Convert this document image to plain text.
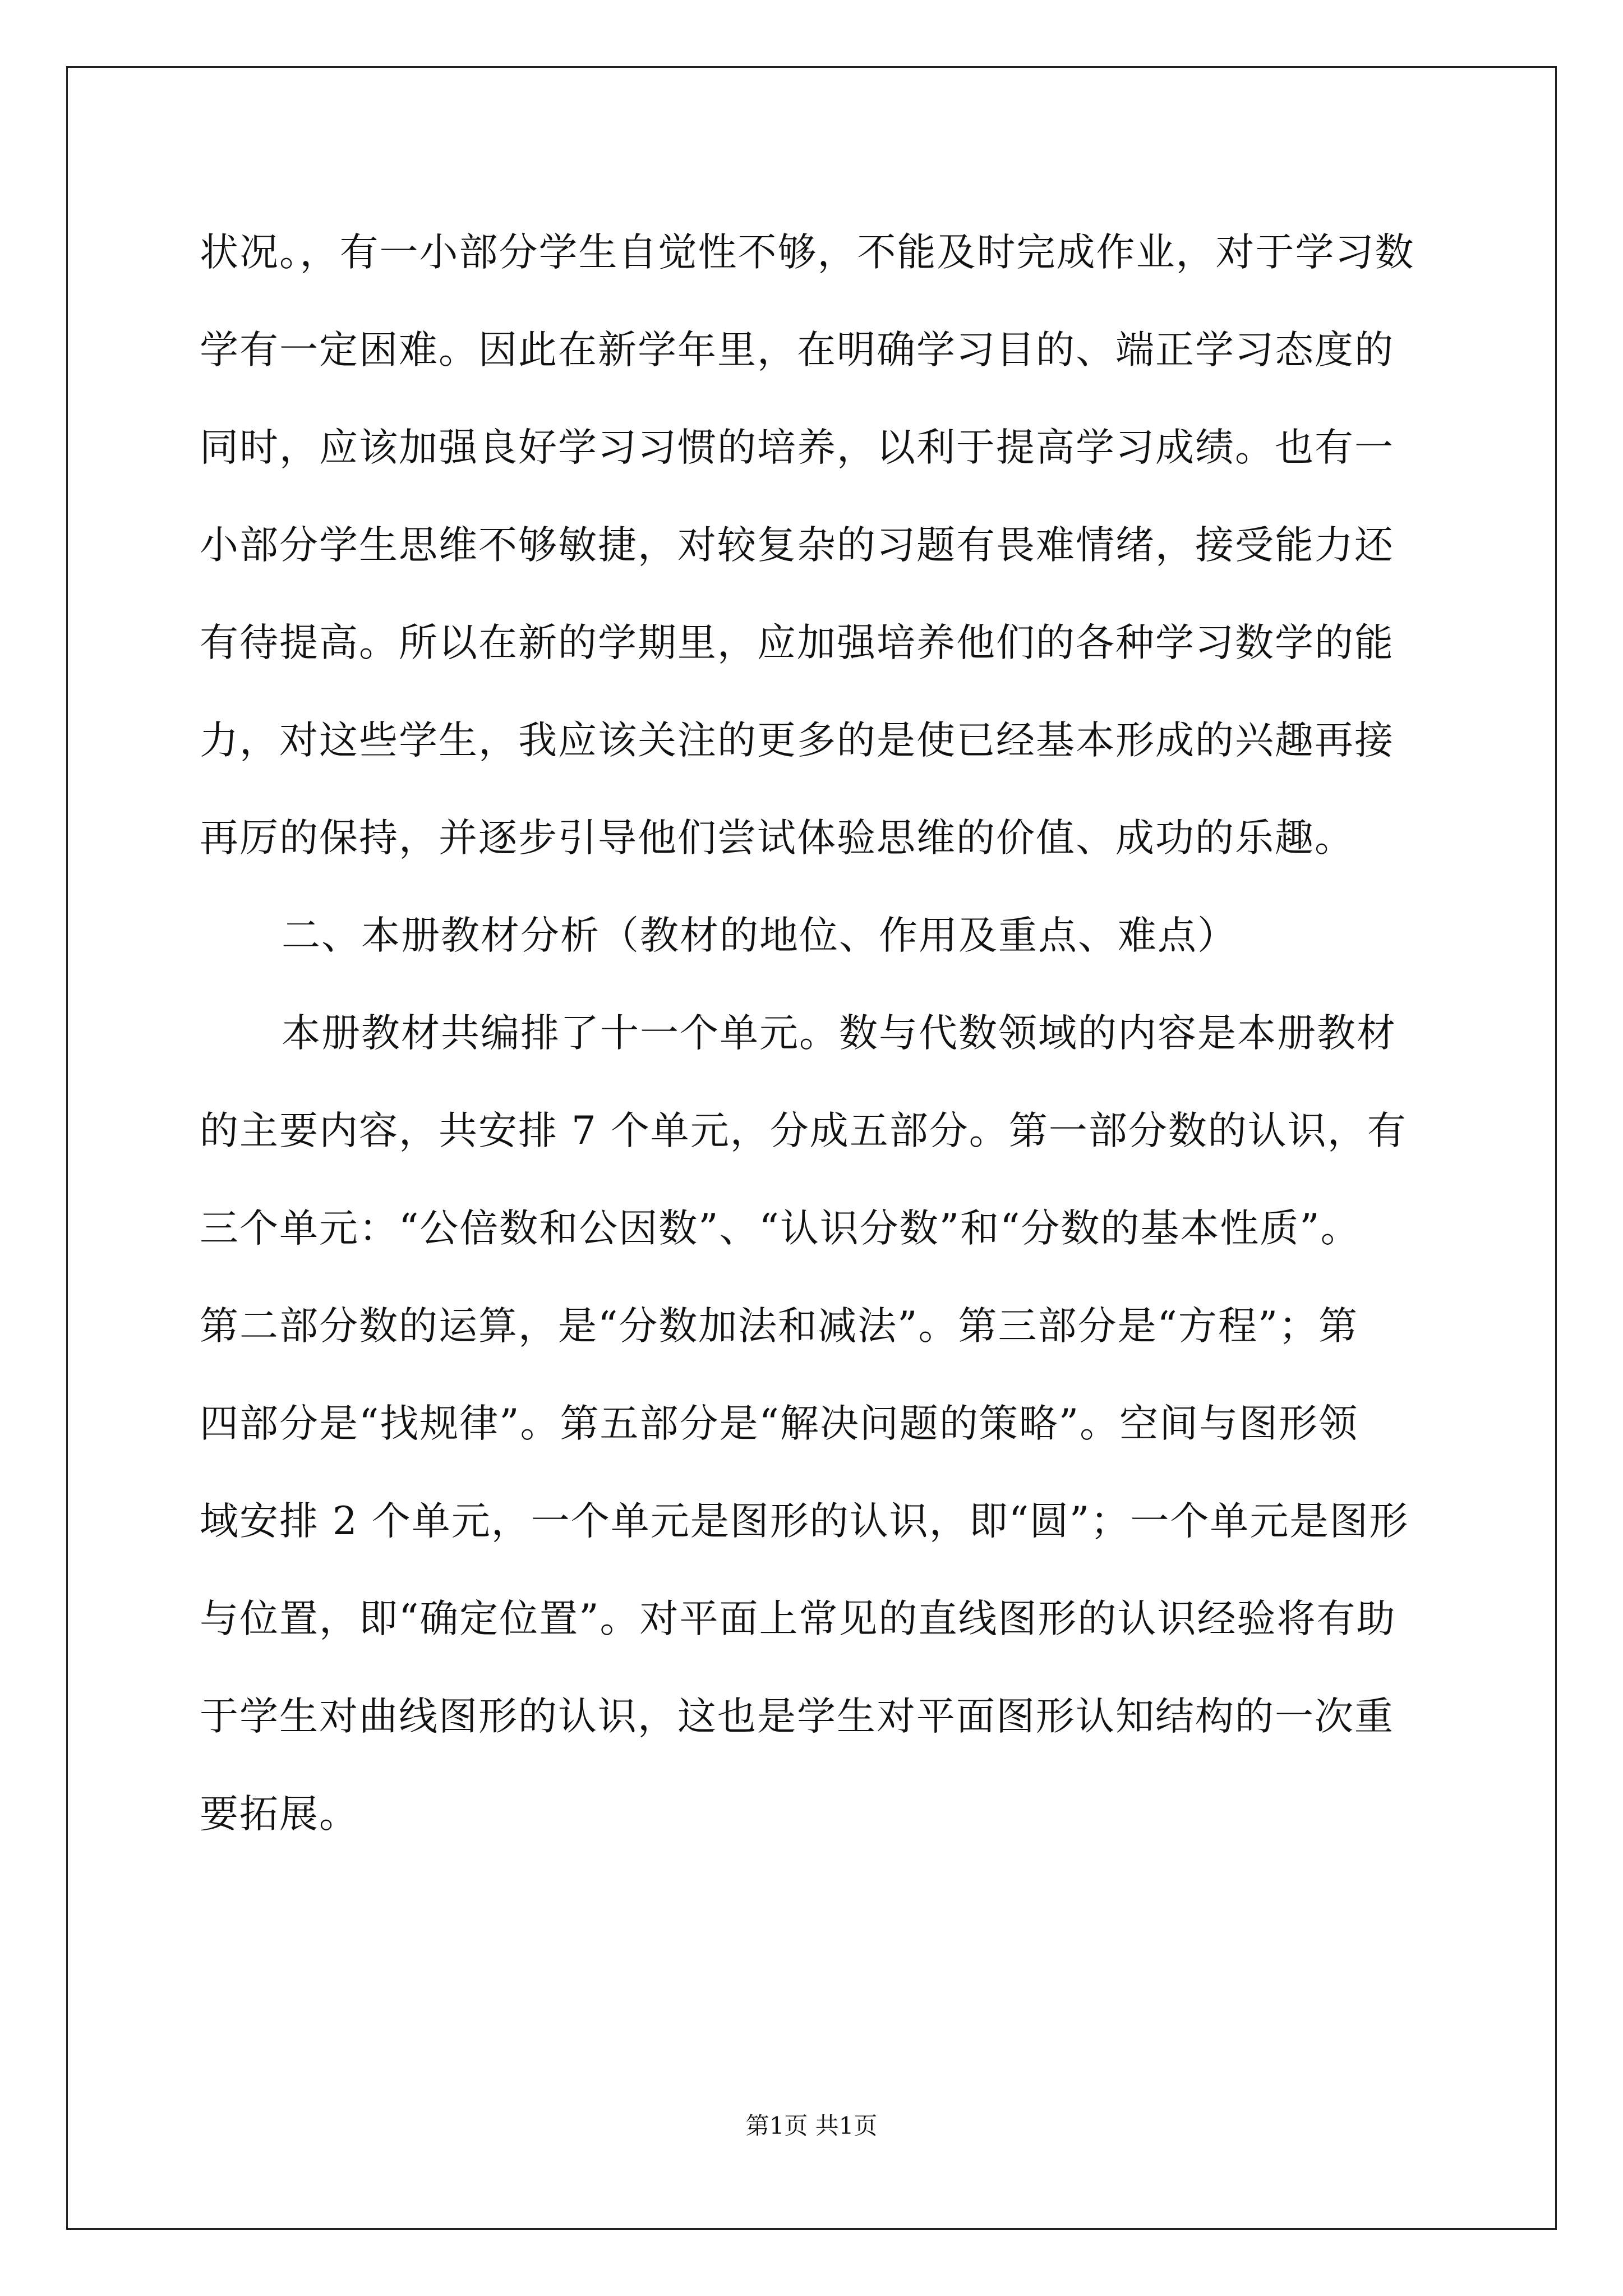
状况。，有一小部分学生自觉性不够，不能及时完成作业，对于学习数
学有一定困难。因此在新学年里，在明确学习目的、端正学习态度的
同时，应该加强良好学习习惯的培养，以利于提高学习成绩。也有一
小部分学生思维不够敏捷，对较复杂的习题有畏难情绪，接受能力还
有待提高。所以在新的学期里，应加强培养他们的各种学习数学的能
力，对这些学生，我应该关注的更多的是使已经基本形成的兴趣再接
再厉的保持，并逐步引导他们尝试体验思维的价值、成功的乐趣。
二、本册教材分析（教材的地位、作用及重点、难点）
本册教材共编排了十一个单元。数与代数领域的内容是本册教材
的主要内容，共安排 7 个单元，分成五部分。第一部分数的认识，有
三个单元：“公倍数和公因数”、“认识分数”和“分数的基本性质”。
第二部分数的运算，是“分数加法和减法”。第三部分是“方程”；第
四部分是“找规律”。第五部分是“解决问题的策略”。空间与图形领
域安排 2 个单元，一个单元是图形的认识，即“圆”；一个单元是图形
与位置，即“确定位置”。对平面上常见的直线图形的认识经验将有助
于学生对曲线图形的认识，这也是学生对平面图形认知结构的一次重
要拓展。
第1页 共1页
